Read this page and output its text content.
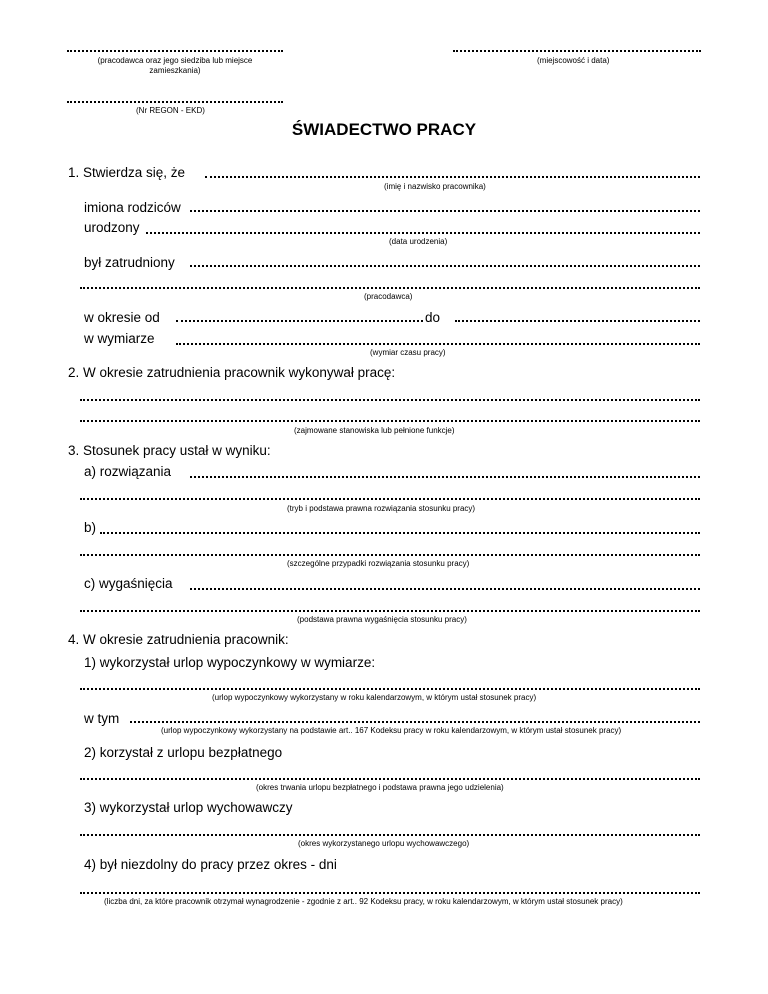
(pracodawca oraz jego siedziba lub miejsce zamieszkania)
(miejscowość i data)
(Nr REGON - EKD)
ŚWIADECTWO PRACY
1. Stwierdza się, że
(imię i nazwisko pracownika)
imiona rodziców
urodzony
(data urodzenia)
był zatrudniony
(pracodawca)
w okresie od	do
w wymiarze
(wymiar czasu pracy)
2. W okresie zatrudnienia pracownik wykonywał pracę:
(zajmowane stanowiska lub pełnione funkcje)
3. Stosunek pracy ustał w wyniku:
a) rozwiązania
(tryb i podstawa prawna rozwiązania stosunku pracy)
b)
(szczególne przypadki rozwiązania stosunku pracy)
c) wygaśnięcia
(podstawa prawna wygaśnięcia stosunku pracy)
4. W okresie zatrudnienia pracownik:
1) wykorzystał urlop wypoczynkowy w wymiarze:
(urlop wypoczynkowy wykorzystany w roku kalendarzowym, w którym ustał stosunek pracy)
w tym
(urlop wypoczynkowy wykorzystany na podstawie art.. 167 Kodeksu pracy w roku kalendarzowym, w którym ustał stosunek pracy)
2) korzystał z urlopu bezpłatnego
(okres trwania urlopu bezpłatnego i podstawa prawna jego udzielenia)
3) wykorzystał urlop wychowawczy
(okres wykorzystanego urlopu wychowawczego)
4) był niezdolny do pracy przez okres - dni
(liczba dni, za które pracownik otrzymał wynagrodzenie - zgodnie z art.. 92 Kodeksu pracy, w roku kalendarzowym, w którym ustał stosunek pracy)
